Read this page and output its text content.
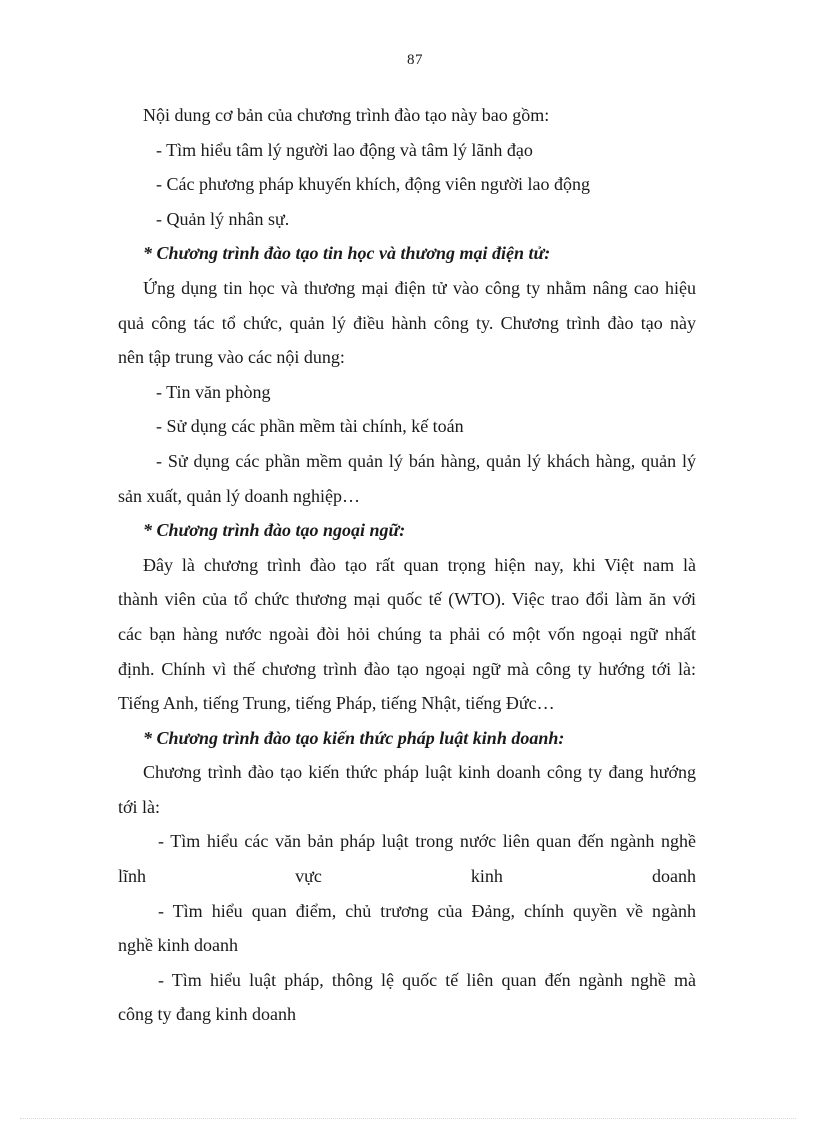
87
Nội dung cơ bản của chương trình đào tạo này bao gồm:
- Tìm hiểu tâm lý người lao động và tâm lý lãnh đạo
- Các phương pháp khuyến khích, động viên người lao động
- Quản lý nhân sự.
* Chương trình đào tạo tin học và thương mại điện tử:
Ứng dụng tin học và thương mại điện tử vào công ty nhằm nâng cao hiệu
quả công tác tổ chức, quản lý điều hành công ty. Chương trình đào tạo này
nên tập trung vào các nội dung:
- Tin văn phòng
- Sử dụng các phần mềm tài chính, kế toán
- Sử dụng các phần mềm quản lý bán hàng, quản lý khách hàng, quản lý
sản xuất, quản lý doanh nghiệp…
* Chương trình đào tạo ngoại ngữ:
Đây là chương trình đào tạo rất quan trọng hiện nay, khi Việt nam là
thành viên của tổ chức thương mại quốc tế (WTO). Việc trao đổi làm ăn với
các bạn hàng nước ngoài đòi hỏi chúng ta phải có một vốn ngoại ngữ nhất
định. Chính vì thế chương trình đào tạo ngoại ngữ mà công ty hướng tới là:
Tiếng Anh, tiếng Trung, tiếng Pháp, tiếng Nhật, tiếng Đức…
* Chương trình đào tạo kiến thức pháp luật kinh doanh:
Chương trình đào tạo kiến thức pháp luật kinh doanh công ty đang hướng
tới là:
- Tìm hiểu các văn bản pháp luật trong nước liên quan đến ngành nghề
lĩnh	vực	kinh	doanh
- Tìm hiểu quan điểm, chủ trương của Đảng, chính quyền về ngành
nghề kinh doanh
- Tìm hiểu luật pháp, thông lệ quốc tế liên quan đến ngành nghề mà
công ty đang kinh doanh
